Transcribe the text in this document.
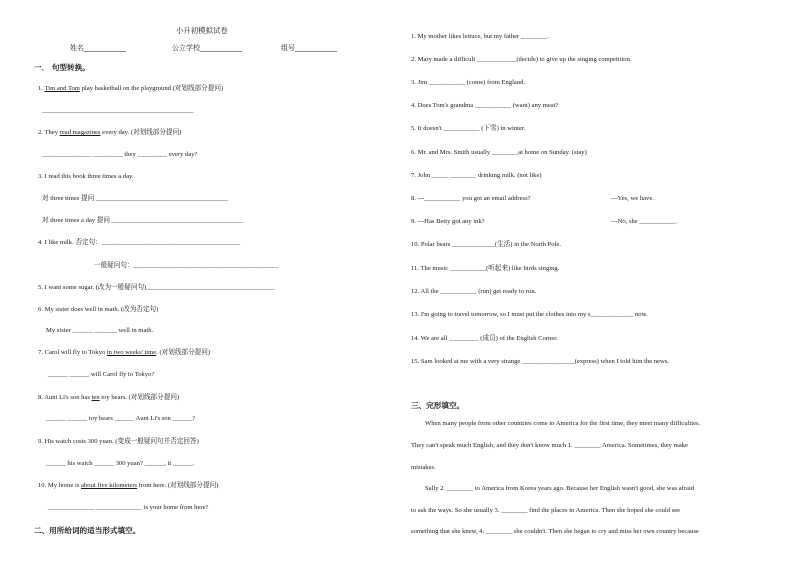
小升初模拟试卷
姓名____________	公立学校____________	组号____________
一． 句型转换。
1. Tim and Tom play basketball on the playground (对划线部分提问)
______________________________________________
2. They read magazines every day. (对划线部分提问)
_______________ _________ they _________ every day?
3. I read this book three times a day.
对 three times 提问 ________________________________________
对 three times a day 提问 ________________________________________
4. I like milk. 否定句：__________________________________________
一般疑问句：____________________________________________
5. I want some sugar. (改为一般疑问句)_______________________________________
6. My sister does well in math. (改为否定句)
My sister ______ _______ well in math.
7. Carol will fly to Tokyo in two weeks' time. (对划线部分提问)
______ ______ will Carol fly to Tokyo?
8. Aunt Li's son has ten toy bears. (对划线部分提问)
______ ______ toy bears ______ Aunt Li's son ______?
9. His watch costs 300 yuan. (变成一般疑问句并否定回答)
______ his watch ______ 300 yuan? ______, it ______.
10. My home is about five kilometers from here. (对划线部分提问)
______________ ______________ is your home from here?
二、用所给词的适当形式填空。
1. My mother likes lettuce, but my father ________.
2. Mary made a difficult ____________(decide) to give up the singing competition.
3. Jim ___________ (come) from England.
4. Does Tom's grandma ___________ (want) any meat?
5. It doesn't ___________ (下雪) in winter.
6. Mr. and Mrs. Smith usually ________at home on Sunday. (stay)
7. John _____ ________ drinking milk. (not like)
8. ---___________ you got an email address?	---Yes, we have.
9. ---Has Betty got any ink?	---No, she ___________.
10. Polar bears _____________(生活) in the North Pole.
11. The music ___________(听起来) like birds singing.
12. All the ___________ (run) get ready to run.
13. I'm going to travel tomorrow, so I must put the clothes into my s_____________ now.
14. We are all _________ (成员) of the English Corner.
15. Sam looked at me with a very strange ________________(express) when I told him the news.
三、完形填空。
When many people from other countries come to America for the first time, they meet many difficulties.
They can't speak much English, and they don't know much 1. ________ America. Sometimes, they make
mistakes.
Sally 2. ________ to America from Korea years ago. Because her English wasn't good, she was afraid
to ask the ways. So she usually 3. ________ find the places in America. Then she hoped she could see
something that she knew, 4. ________ she couldn't. Then she began to cry and miss her own country because
